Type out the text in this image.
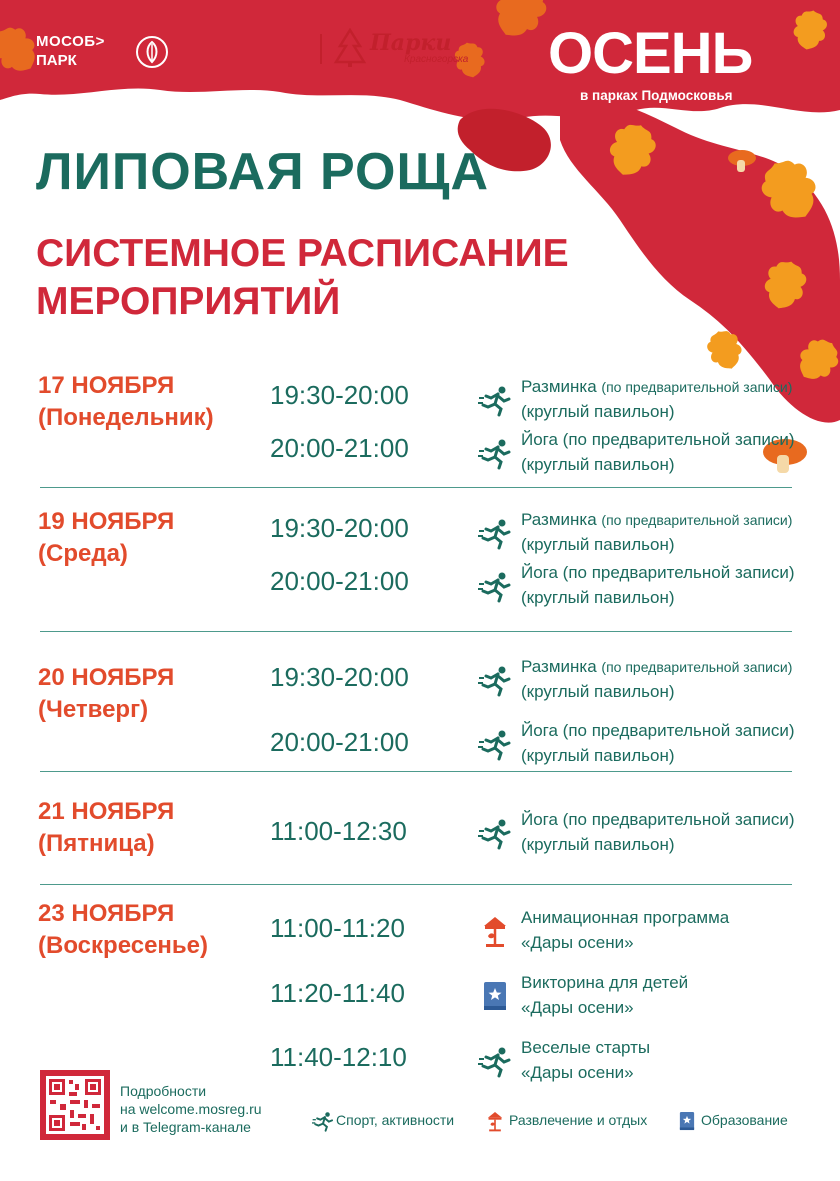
МОСОБ>
ПАРК
Парки
Красногорска ОСЕНЬ
в парках Подмосковья
ЛИПОВАЯ РОЩА
СИСТЕМНОЕ РАСПИСАНИЕ
МЕРОПРИЯТИЙ
17 НОЯБРЯ
(Понедельник)
19:30-20:00	Разминка (по предварительной записи)
(круглый павильон)
20:00-21:00	Йога (по предварительной записи)
(круглый павильон)
19 НОЯБРЯ
(Среда)
19:30-20:00	Разминка (по предварительной записи)
(круглый павильон)
20:00-21:00	Йога (по предварительной записи)
(круглый павильон)
20 НОЯБРЯ
(Четверг)
19:30-20:00	Разминка (по предварительной записи)
(круглый павильон)
20:00-21:00	Йога (по предварительной записи)
(круглый павильон)
21 НОЯБРЯ
(Пятница)	11:00-12:30	Йога (по предварительной записи)
(круглый павильон)
23 НОЯБРЯ
(Воскресенье)
11:00-11:20	Анимационная программа
«Дары осени»
11:20-11:40	Викторина для детей
«Дары осени»
11:40-12:10	Веселые старты
«Дары осени»
Подробности
на welcome.mosreg.ru
и в Telegram-канале	Спорт, активности	Развлечение и отдых	Образование
